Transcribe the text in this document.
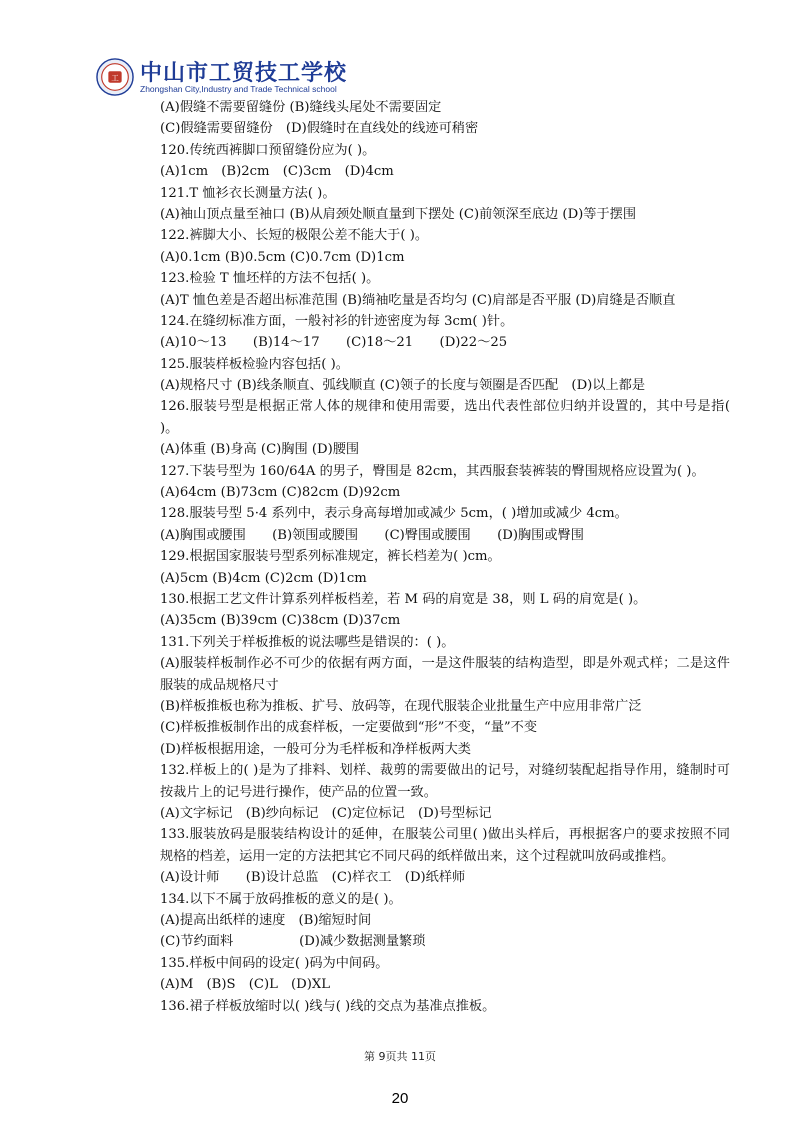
工 中山市工贸技工学校
Zhongshan City,Industry and Trade Technical school

(A)假缝不需要留缝份 (B)缝线头尾处不需要固定

(C)假缝需要留缝份　(D)假缝时在直线处的线迹可稍密

120.传统西裤脚口预留缝份应为( )。

(A)1cm　(B)2cm　(C)3cm　(D)4cm

121.T 恤衫衣长测量方法( )。

(A)袖山顶点量至袖口 (B)从肩颈处顺直量到下摆处 (C)前领深至底边 (D)等于摆围

122.裤脚大小、长短的极限公差不能大于( )。

(A)0.1cm (B)0.5cm (C)0.7cm (D)1cm

123.检验 T 恤坯样的方法不包括( )。

(A)T 恤色差是否超出标准范围 (B)绱袖吃量是否均匀 (C)肩部是否平服 (D)肩缝是否顺直

124.在缝纫标准方面，一般衬衫的针迹密度为每 3cm( )针。

(A)10～13　　(B)14～17　　(C)18～21　　(D)22～25

125.服装样板检验内容包括( )。

(A)规格尺寸 (B)线条顺直、弧线顺直 (C)领子的长度与领圈是否匹配　(D)以上都是

126.服装号型是根据正常人体的规律和使用需要，选出代表性部位归纳并设置的，其中号是指( )。

(A)体重 (B)身高 (C)胸围 (D)腰围

127.下装号型为 160/64A 的男子，臀围是 82cm，其西服套装裤装的臀围规格应设置为( )。

(A)64cm (B)73cm (C)82cm (D)92cm

128.服装号型 5·4 系列中，表示身高每增加或减少 5cm，( )增加或减少 4cm。

(A)胸围或腰围　　(B)领围或腰围　　(C)臀围或腰围　　(D)胸围或臀围

129.根据国家服装号型系列标准规定，裤长档差为( )cm。

(A)5cm (B)4cm (C)2cm (D)1cm

130.根据工艺文件计算系列样板档差，若 M 码的肩宽是 38，则 L 码的肩宽是( )。

(A)35cm (B)39cm (C)38cm (D)37cm

131.下列关于样板推板的说法哪些是错误的：( )。

(A)服装样板制作必不可少的依据有两方面，一是这件服装的结构造型，即是外观式样；二是这件服装的成品规格尺寸

(B)样板推板也称为推板、扩号、放码等，在现代服装企业批量生产中应用非常广泛

(C)样板推板制作出的成套样板，一定要做到“形”不变，“量”不变

(D)样板根据用途，一般可分为毛样板和净样板两大类

132.样板上的( )是为了排料、划样、裁剪的需要做出的记号，对缝纫装配起指导作用，缝制时可按裁片上的记号进行操作，使产品的位置一致。

(A)文字标记　(B)纱向标记　(C)定位标记　(D)号型标记

133.服装放码是服装结构设计的延伸，在服装公司里( )做出头样后，再根据客户的要求按照不同规格的档差，运用一定的方法把其它不同尺码的纸样做出来，这个过程就叫放码或推档。

(A)设计师　　(B)设计总监　(C)样衣工　(D)纸样师

134.以下不属于放码推板的意义的是( )。

(A)提高出纸样的速度　(B)缩短时间

(C)节约面料　　　　　(D)减少数据测量繁琐

135.样板中间码的设定( )码为中间码。

(A)M　(B)S　(C)L　(D)XL

136.裙子样板放缩时以( )线与( )线的交点为基准点推板。

第 9页共 11页
20
